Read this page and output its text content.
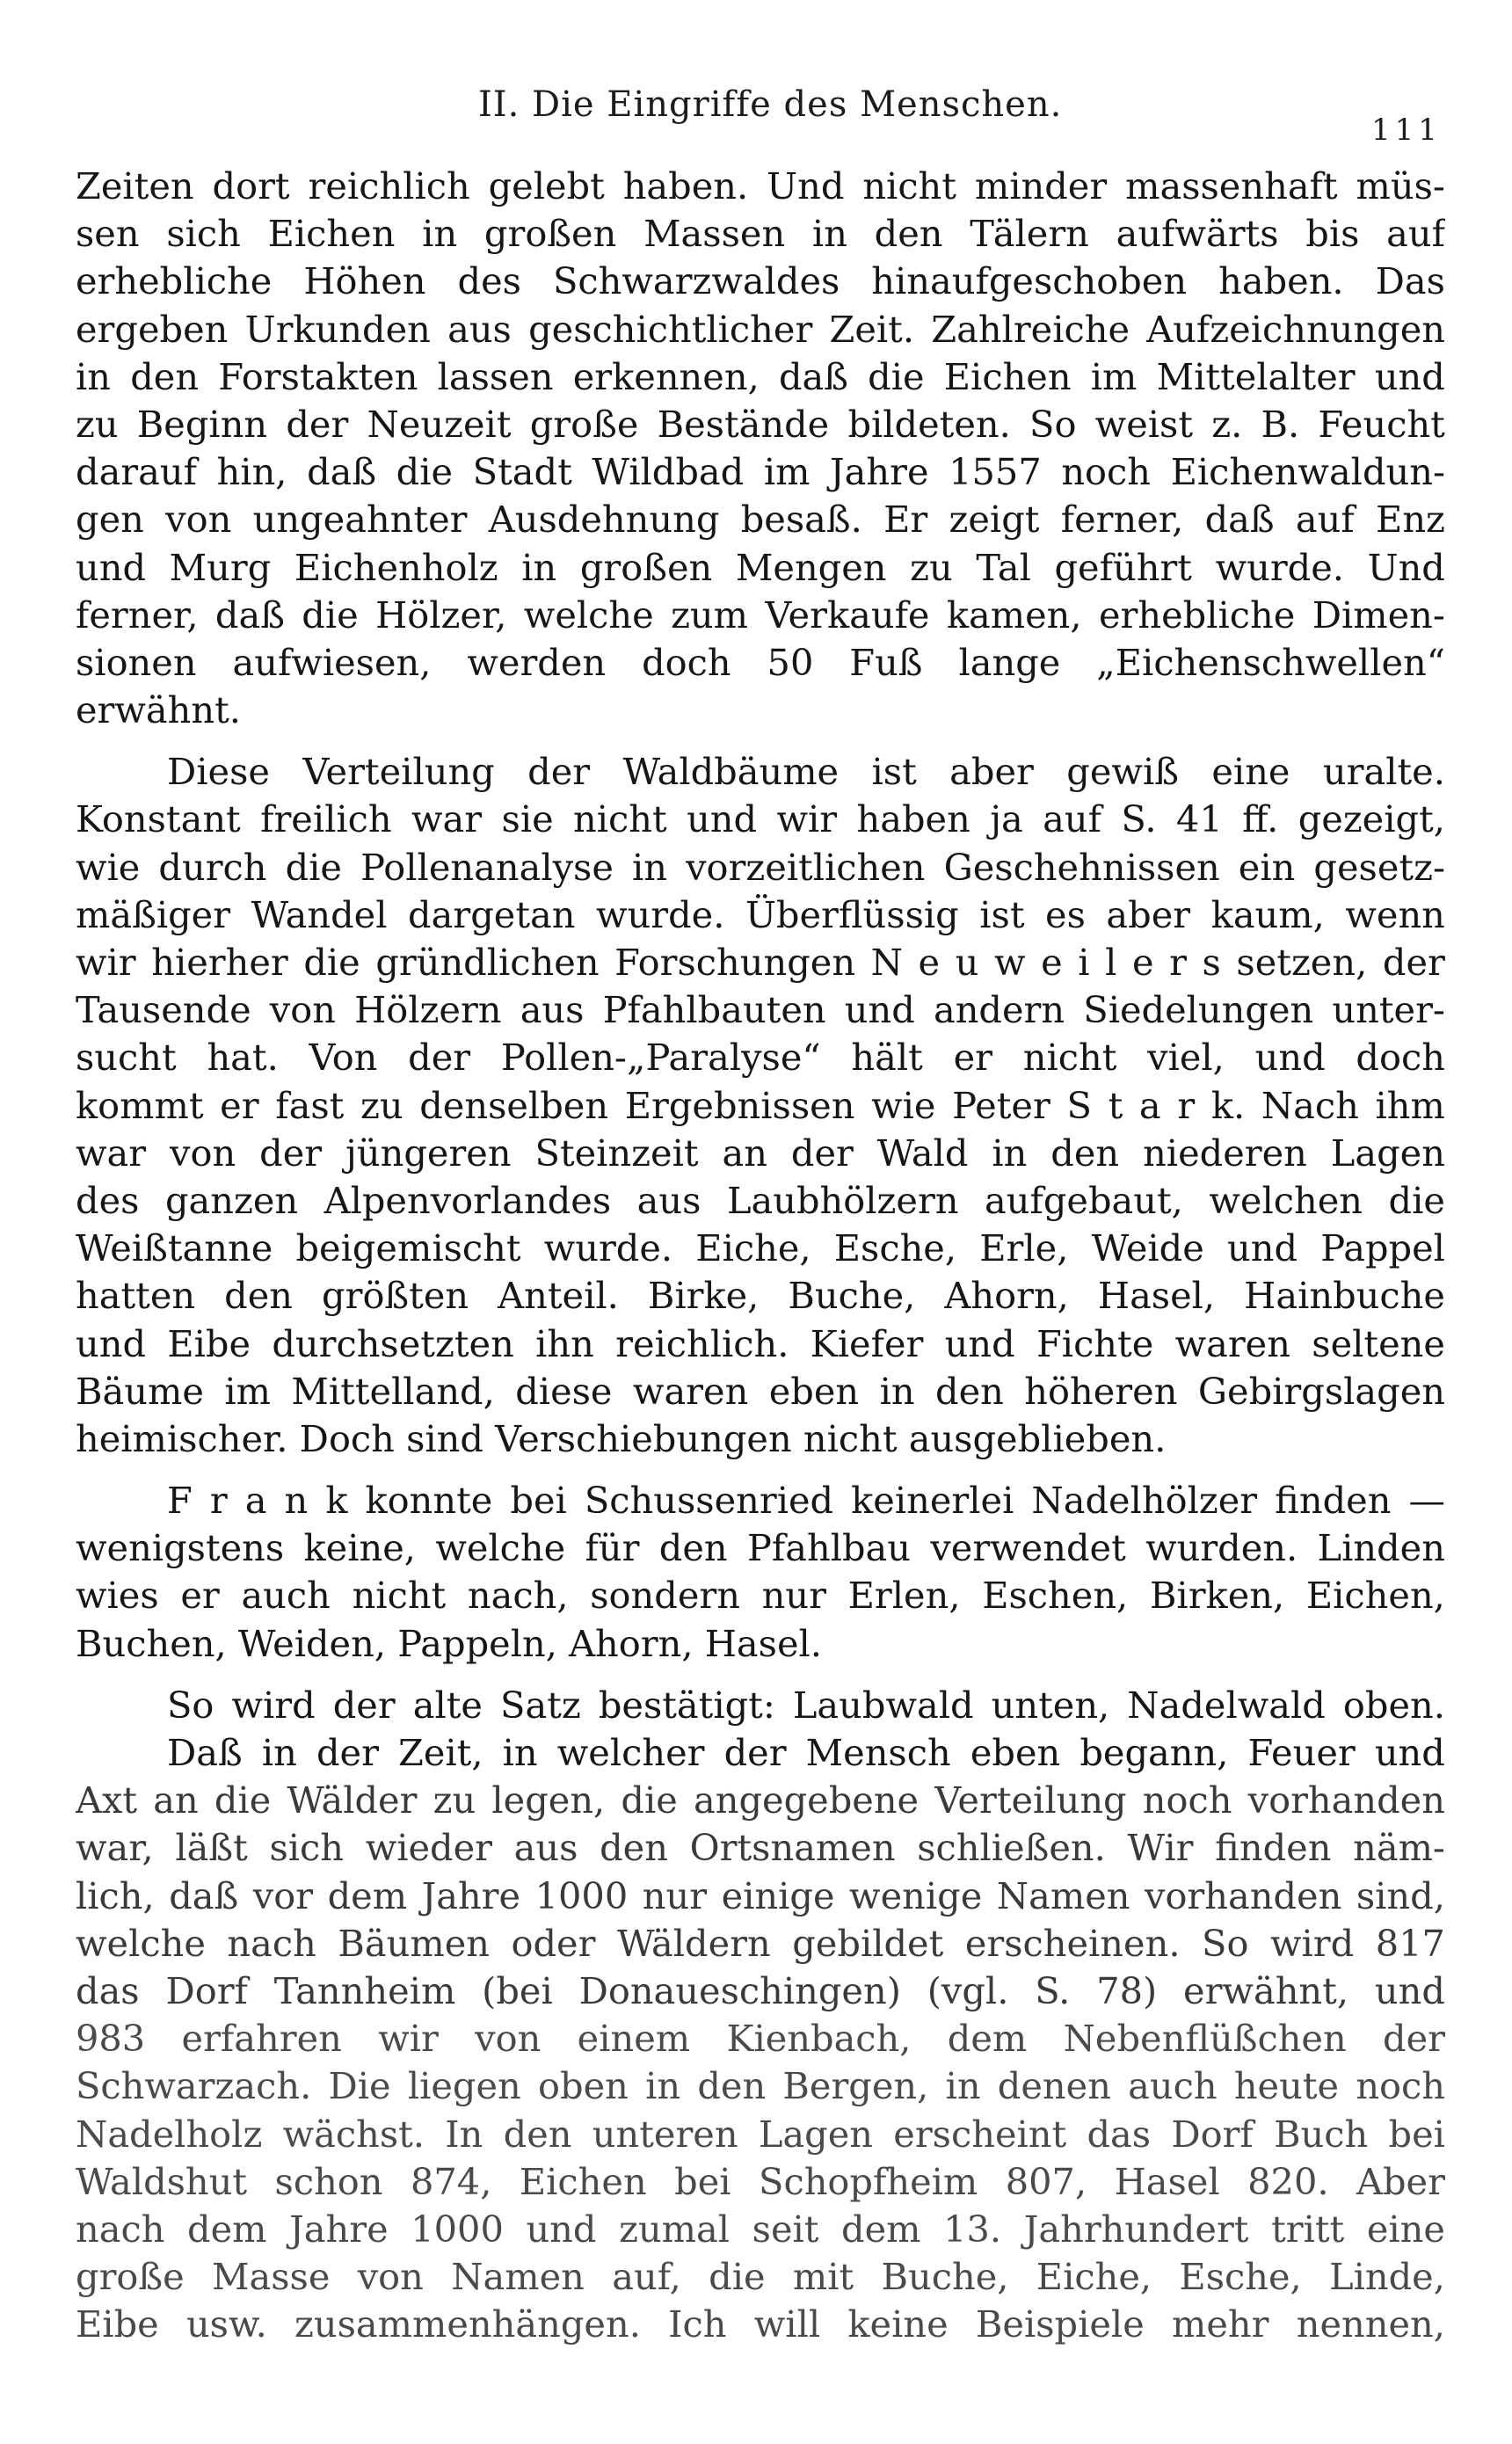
II. Die Eingriffe des Menschen.
111
Zeiten dort reichlich gelebt haben. Und nicht minder massenhaft müs-
sen sich Eichen in großen Massen in den Tälern aufwärts bis auf
erhebliche Höhen des Schwarzwaldes hinaufgeschoben haben. Das
ergeben Urkunden aus geschichtlicher Zeit. Zahlreiche Aufzeichnungen
in den Forstakten lassen erkennen, daß die Eichen im Mittelalter und
zu Beginn der Neuzeit große Bestände bildeten. So weist z. B. Feucht
darauf hin, daß die Stadt Wildbad im Jahre 1557 noch Eichenwaldun-
gen von ungeahnter Ausdehnung besaß. Er zeigt ferner, daß auf Enz
und Murg Eichenholz in großen Mengen zu Tal geführt wurde. Und
ferner, daß die Hölzer, welche zum Verkaufe kamen, erhebliche Dimen-
sionen aufwiesen, werden doch 50 Fuß lange „Eichenschwellen“
erwähnt.
Diese Verteilung der Waldbäume ist aber gewiß eine uralte.
Konstant freilich war sie nicht und wir haben ja auf S. 41 ff. gezeigt,
wie durch die Pollenanalyse in vorzeitlichen Geschehnissen ein gesetz-
mäßiger Wandel dargetan wurde. Überflüssig ist es aber kaum, wenn
wir hierher die gründlichen Forschungen N e u w e i l e r s setzen, der
Tausende von Hölzern aus Pfahlbauten und andern Siedelungen unter-
sucht hat. Von der Pollen-„Paralyse“ hält er nicht viel, und doch
kommt er fast zu denselben Ergebnissen wie Peter S t a r k. Nach ihm
war von der jüngeren Steinzeit an der Wald in den niederen Lagen
des ganzen Alpenvorlandes aus Laubhölzern aufgebaut, welchen die
Weißtanne beigemischt wurde. Eiche, Esche, Erle, Weide und Pappel
hatten den größten Anteil. Birke, Buche, Ahorn, Hasel, Hainbuche
und Eibe durchsetzten ihn reichlich. Kiefer und Fichte waren seltene
Bäume im Mittelland, diese waren eben in den höheren Gebirgslagen
heimischer. Doch sind Verschiebungen nicht ausgeblieben.
F r a n k konnte bei Schussenried keinerlei Nadelhölzer finden —
wenigstens keine, welche für den Pfahlbau verwendet wurden. Linden
wies er auch nicht nach, sondern nur Erlen, Eschen, Birken, Eichen,
Buchen, Weiden, Pappeln, Ahorn, Hasel.
So wird der alte Satz bestätigt: Laubwald unten, Nadelwald oben.
Daß in der Zeit, in welcher der Mensch eben begann, Feuer und
Axt an die Wälder zu legen, die angegebene Verteilung noch vorhanden
war, läßt sich wieder aus den Ortsnamen schließen. Wir finden näm-
lich, daß vor dem Jahre 1000 nur einige wenige Namen vorhanden sind,
welche nach Bäumen oder Wäldern gebildet erscheinen. So wird 817
das Dorf Tannheim (bei Donaueschingen) (vgl. S. 78) erwähnt, und
983 erfahren wir von einem Kienbach, dem Nebenflüßchen der
Schwarzach. Die liegen oben in den Bergen, in denen auch heute noch
Nadelholz wächst. In den unteren Lagen erscheint das Dorf Buch bei
Waldshut schon 874, Eichen bei Schopfheim 807, Hasel 820. Aber
nach dem Jahre 1000 und zumal seit dem 13. Jahrhundert tritt eine
große Masse von Namen auf, die mit Buche, Eiche, Esche, Linde,
Eibe usw. zusammenhängen. Ich will keine Beispiele mehr nennen,
